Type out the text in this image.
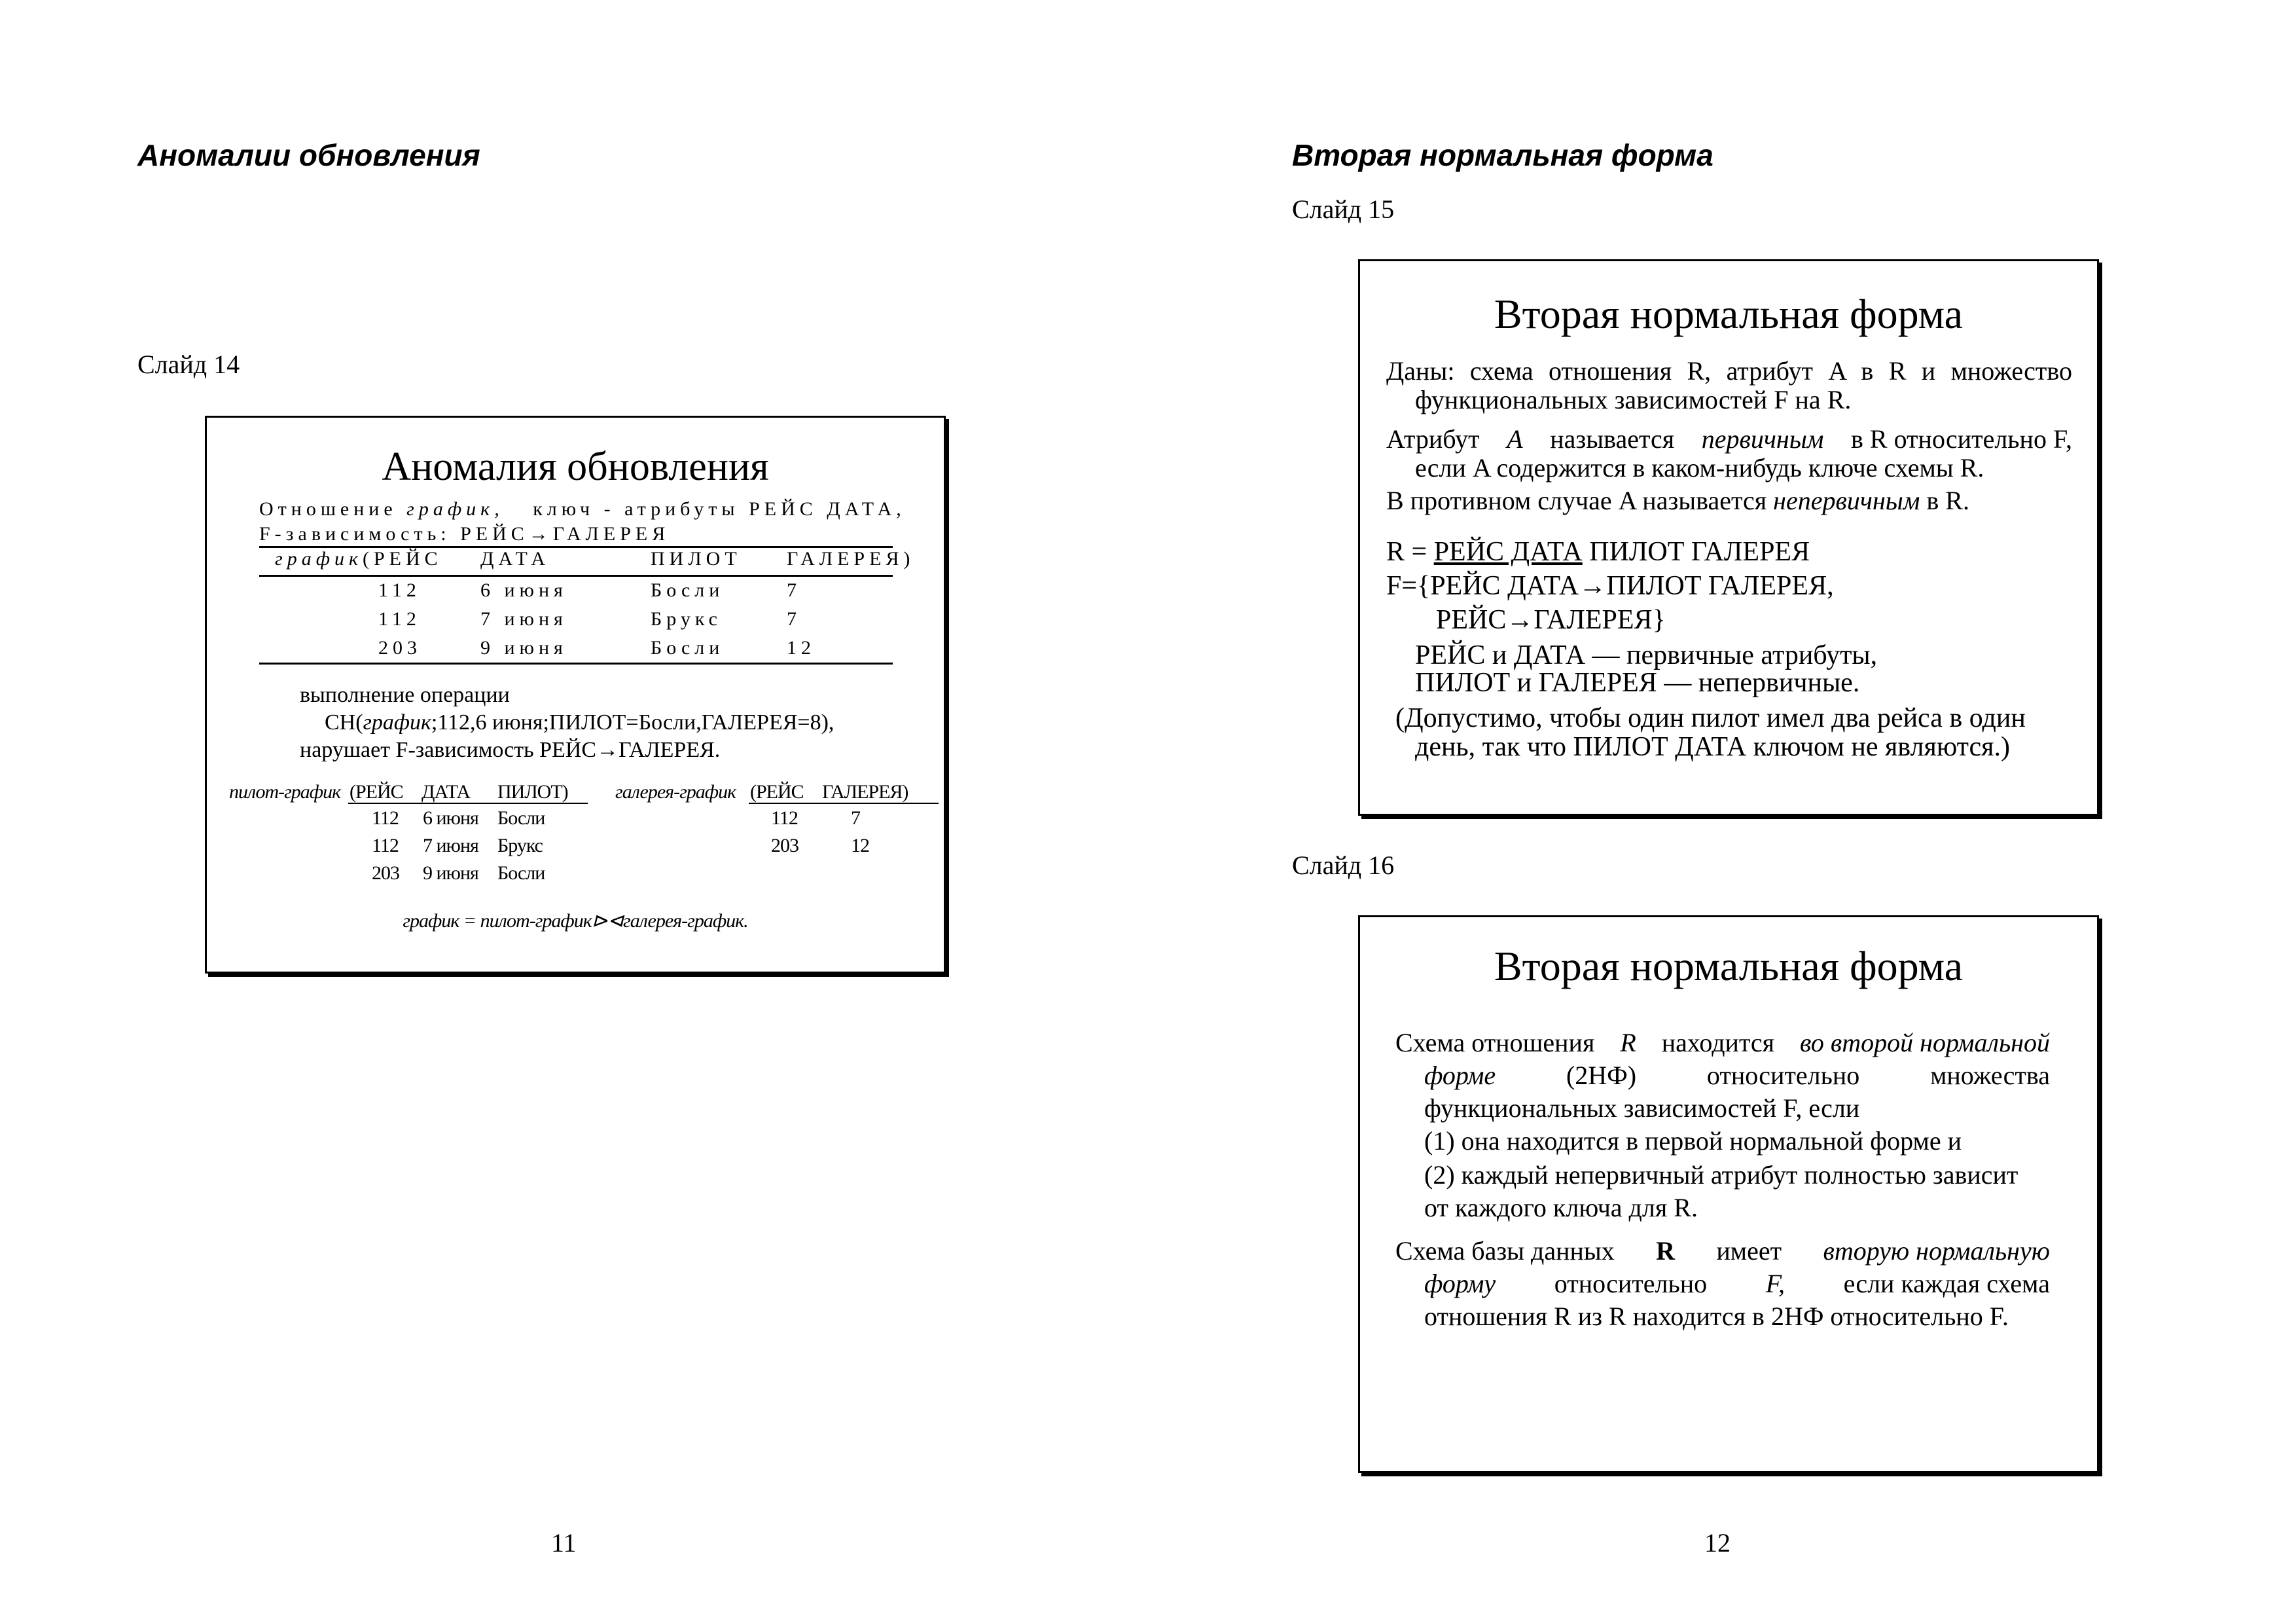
Аномалии обновления
Слайд 14
Аномалия обновления
Отношение график, ключ - атрибуты РЕЙС ДАТА,
F-зависимость: РЕЙС→ГАЛЕРЕЯ
график (РЕЙС ДАТА	ПИЛОТ ГАЛЕРЕЯ)
112	6 июня	Босли	7
112	7 июня	Брукс	7
203	9 июня	Босли	12
выполнение операции
СН(график;112,6 июня;ПИЛОТ=Босли,ГАЛЕРЕЯ=8),
нарушает F-зависимость РЕЙС→ГАЛЕРЕЯ.
пилот-график (РЕЙС ДАТА ПИЛОТ) галерея-график (РЕЙС ГАЛЕРЕЯ)
112 6 июня Босли
112 7 июня Брукс
203 9 июня Босли
112	7
203	12
график = пилот-график⊳⊲галерея-график.
11
Вторая нормальная форма
Слайд 15
Вторая нормальная форма
Даны: схема отношения R, атрибут A в R и множество
функциональных зависимостей F на R.
Атрибут A называется первичным в R относительно F,
если A содержится в каком-нибудь ключе схемы R.
В противном случае A называется непервичным в R.
R = РЕЙС ДАТА ПИЛОТ ГАЛЕРЕЯ
F={РЕЙС ДАТА→ПИЛОТ ГАЛЕРЕЯ,
РЕЙС→ГАЛЕРЕЯ}
РЕЙС и ДАТА — первичные атрибуты,
ПИЛОТ и ГАЛЕРЕЯ — непервичные.
(Допустимо, чтобы один пилот имел два рейса в один
день, так что ПИЛОТ ДАТА ключом не являются.)
Слайд 16
Вторая нормальная форма
Схема отношения R находится во второй нормальной
форме	(2НФ)	относительно	множества
функциональных зависимостей F, если
(1) она находится в первой нормальной форме и
(2) каждый непервичный атрибут полностью зависит
от каждого ключа для R.
Схема базы данных R имеет вторую нормальную
форму относительно F, если каждая схема
отношения R из R находится в 2НФ относительно F.
12
